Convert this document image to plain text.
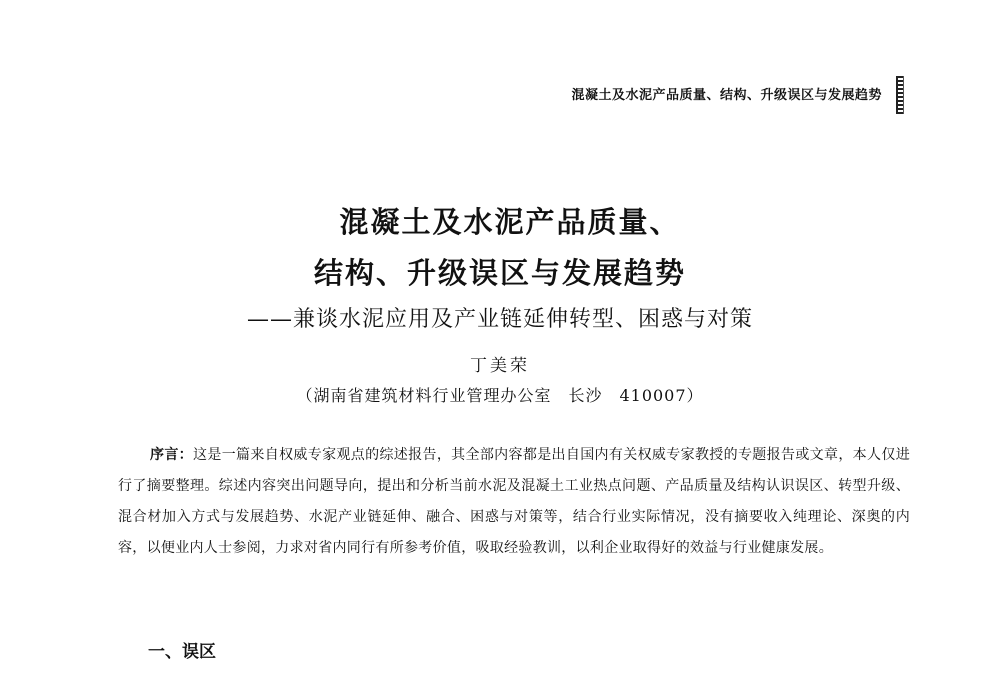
混凝土及水泥产品质量、结构、升级误区与发展趋势
混凝土及水泥产品质量、
结构、升级误区与发展趋势
——兼谈水泥应用及产业链延伸转型、困惑与对策
丁美荣
（湖南省建筑材料行业管理办公室　长沙　410007）
序言：这是一篇来自权威专家观点的综述报告，其全部内容都是出自国内有关权威专家教授的专题报告或文章，本人仅进行了摘要整理。综述内容突出问题导向，提出和分析当前水泥及混凝土工业热点问题、产品质量及结构认识误区、转型升级、混合材加入方式与发展趋势、水泥产业链延伸、融合、困惑与对策等，结合行业实际情况，没有摘要收入纯理论、深奥的内容，以便业内人士参阅，力求对省内同行有所参考价值，吸取经验教训，以利企业取得好的效益与行业健康发展。
一、误区
